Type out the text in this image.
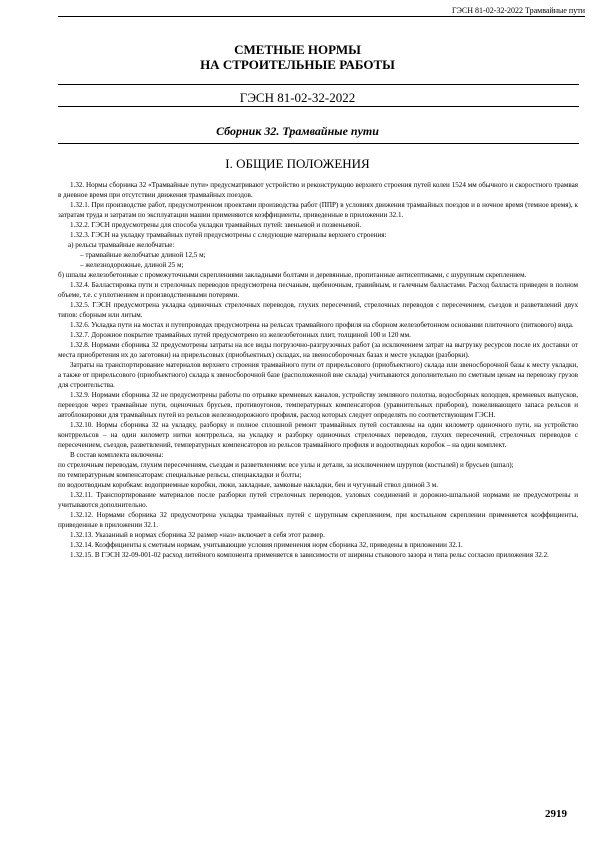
ГЭСН 81-02-32-2022 Трамвайные пути
СМЕТНЫЕ НОРМЫ
НА СТРОИТЕЛЬНЫЕ РАБОТЫ
ГЭСН 81-02-32-2022
Сборник 32. Трамвайные пути
I. ОБЩИЕ ПОЛОЖЕНИЯ

1.32. Нормы сборника 32 «Трамвайные пути» предусматривают устройство и реконструкцию верхнего строения путей колеи 1524 мм обычного и скоростного трамвая в дневное время при отсутствии движения трамвайных поездов.

1.32.1. При производстве работ, предусмотренном проектами производства работ (ППР) в условиях движения трамвайных поездов и в ночное время (темное время), к затратам труда и затратам по эксплуатации машин применяются коэффициенты, приведенные в приложении 32.1.

1.32.2. ГЭСН предусмотрены для способа укладки трамвайных путей: звеньевой и позвеньевой.

1.32.3. ГЭСН на укладку трамвайных путей предусмотрены с следующие материалы верхнего строения:

а) рельсы трамвайные желобчатые:

– трамвайные желобчатые длиной 12,5 м;

– железнодорожные, длиной 25 м;

б) шпалы железобетонные с промежуточными скреплениями закладными болтами и деревянные, пропитанные антисептиками, с шурупным скреплением.

1.32.4. Балластировка пути и стрелочных переводов предусмотрена песчаным, щебеночным, гравийным, и галечным балластами. Расход балласта приведен в полном объеме, т.е. с уплотнением и производственными потерями.

1.32.5. ГЭСН предусмотрена укладка одиночных стрелочных переводов, глухих пересечений, стрелочных переводов с пересечением, съездов и разветвлений двух типов: сборным или литым.

1.32.6. Укладка пути на мостах и путепроводах предусмотрена на рельсах трамвайного профиля на сборном железобетонном основании плиточного (питкового) вида.

1.32.7. Дорожное покрытие трамвайных путей предусмотрено из железобетонных плит, толщиной 100 и 120 мм.

1.32.8. Нормами сборника 32 предусмотрены затраты на все виды погрузочно-разгрузочных работ (за исключением затрат на выгрузку ресурсов после их доставки от места приобретения их до заготовки) на прирельсовых (приобъектных) складах, на звенособорочных базах и месте укладки (разборки).

Затраты на транспортирование материалов верхнего строения трамвайного пути от прирельсового (приобъектного) склада или звеносборочной базы к месту укладки, а также от прирельсового (приобъектного) склада к звеносборочной базе (расположенной вне склада) учитываются дополнительно по сметным ценам на перевозку грузов для строительства.

1.32.9. Нормами сборника 32 не предусмотрены работы по отрывке кремневых каналов, устройству земляного полотна, водосборных колодцев, кремневых выпусков, переездов через трамвайные пути, оценочных брусьев, противоугонов, температурных компенсаторов (уравнительных приборов), пожеливающего запаса рельсов и автоблокировки для трамвайных путей из рельсов железнодорожного профиля, расход которых следует определять по соответствующим ГЭСН.

1.32.10. Нормы сборника 32 на укладку, разборку и полное сплошной ремонт трамвайных путей составлены на один километр одиночного пути, на устройство контррельсов – на один километр нитки контррельса, на укладку и разборку одиночных стрелочных переводов, глухих пересечений, стрелочных переводов с пересечением, съездов, разветвлений, температурных компенсаторов из рельсов трамвайного профиля и водоотводных коробок – на один комплект.

В состав комплекта включены:

по стрелочным переводам, глухим пересечениям, съездам и разветвлениям: все узлы и детали, за исключением шурупов (костылей) и брусьев (шпал);

по температурным компенсаторам: специальные рельсы, спецнакладки и болты;

по водоотводным коробкам: водоприемные коробки, люки, закладные, замковые накладки, бен и чугунный ствол длиной 3 м.

1.32.11. Транспортирование материалов после разборки путей стрелочных переводов, узловых соединений и дорожно-шпальной нормами не предусмотрены и учитываются дополнительно.

1.32.12. Нормами сборника 32 предусмотрена укладка трамвайных путей с шурупным скреплением, при костыльном скреплении применяется коэффициенты, приведенные в приложении 32.1.

1.32.13. Указанный в нормах сборника 32 размер «наз» включает в себя этот размер.

1.32.14. Коэффициенты к сметным нормам, учитывающие условия применения норм сборника 32, приведены в приложении 32.1.

1.32.15. В ГЭСН 32-09-001-02 расход литейного компонента применяется в зависимости от ширины стыкового зазора и типа рельс согласно приложения 32.2.

2919
